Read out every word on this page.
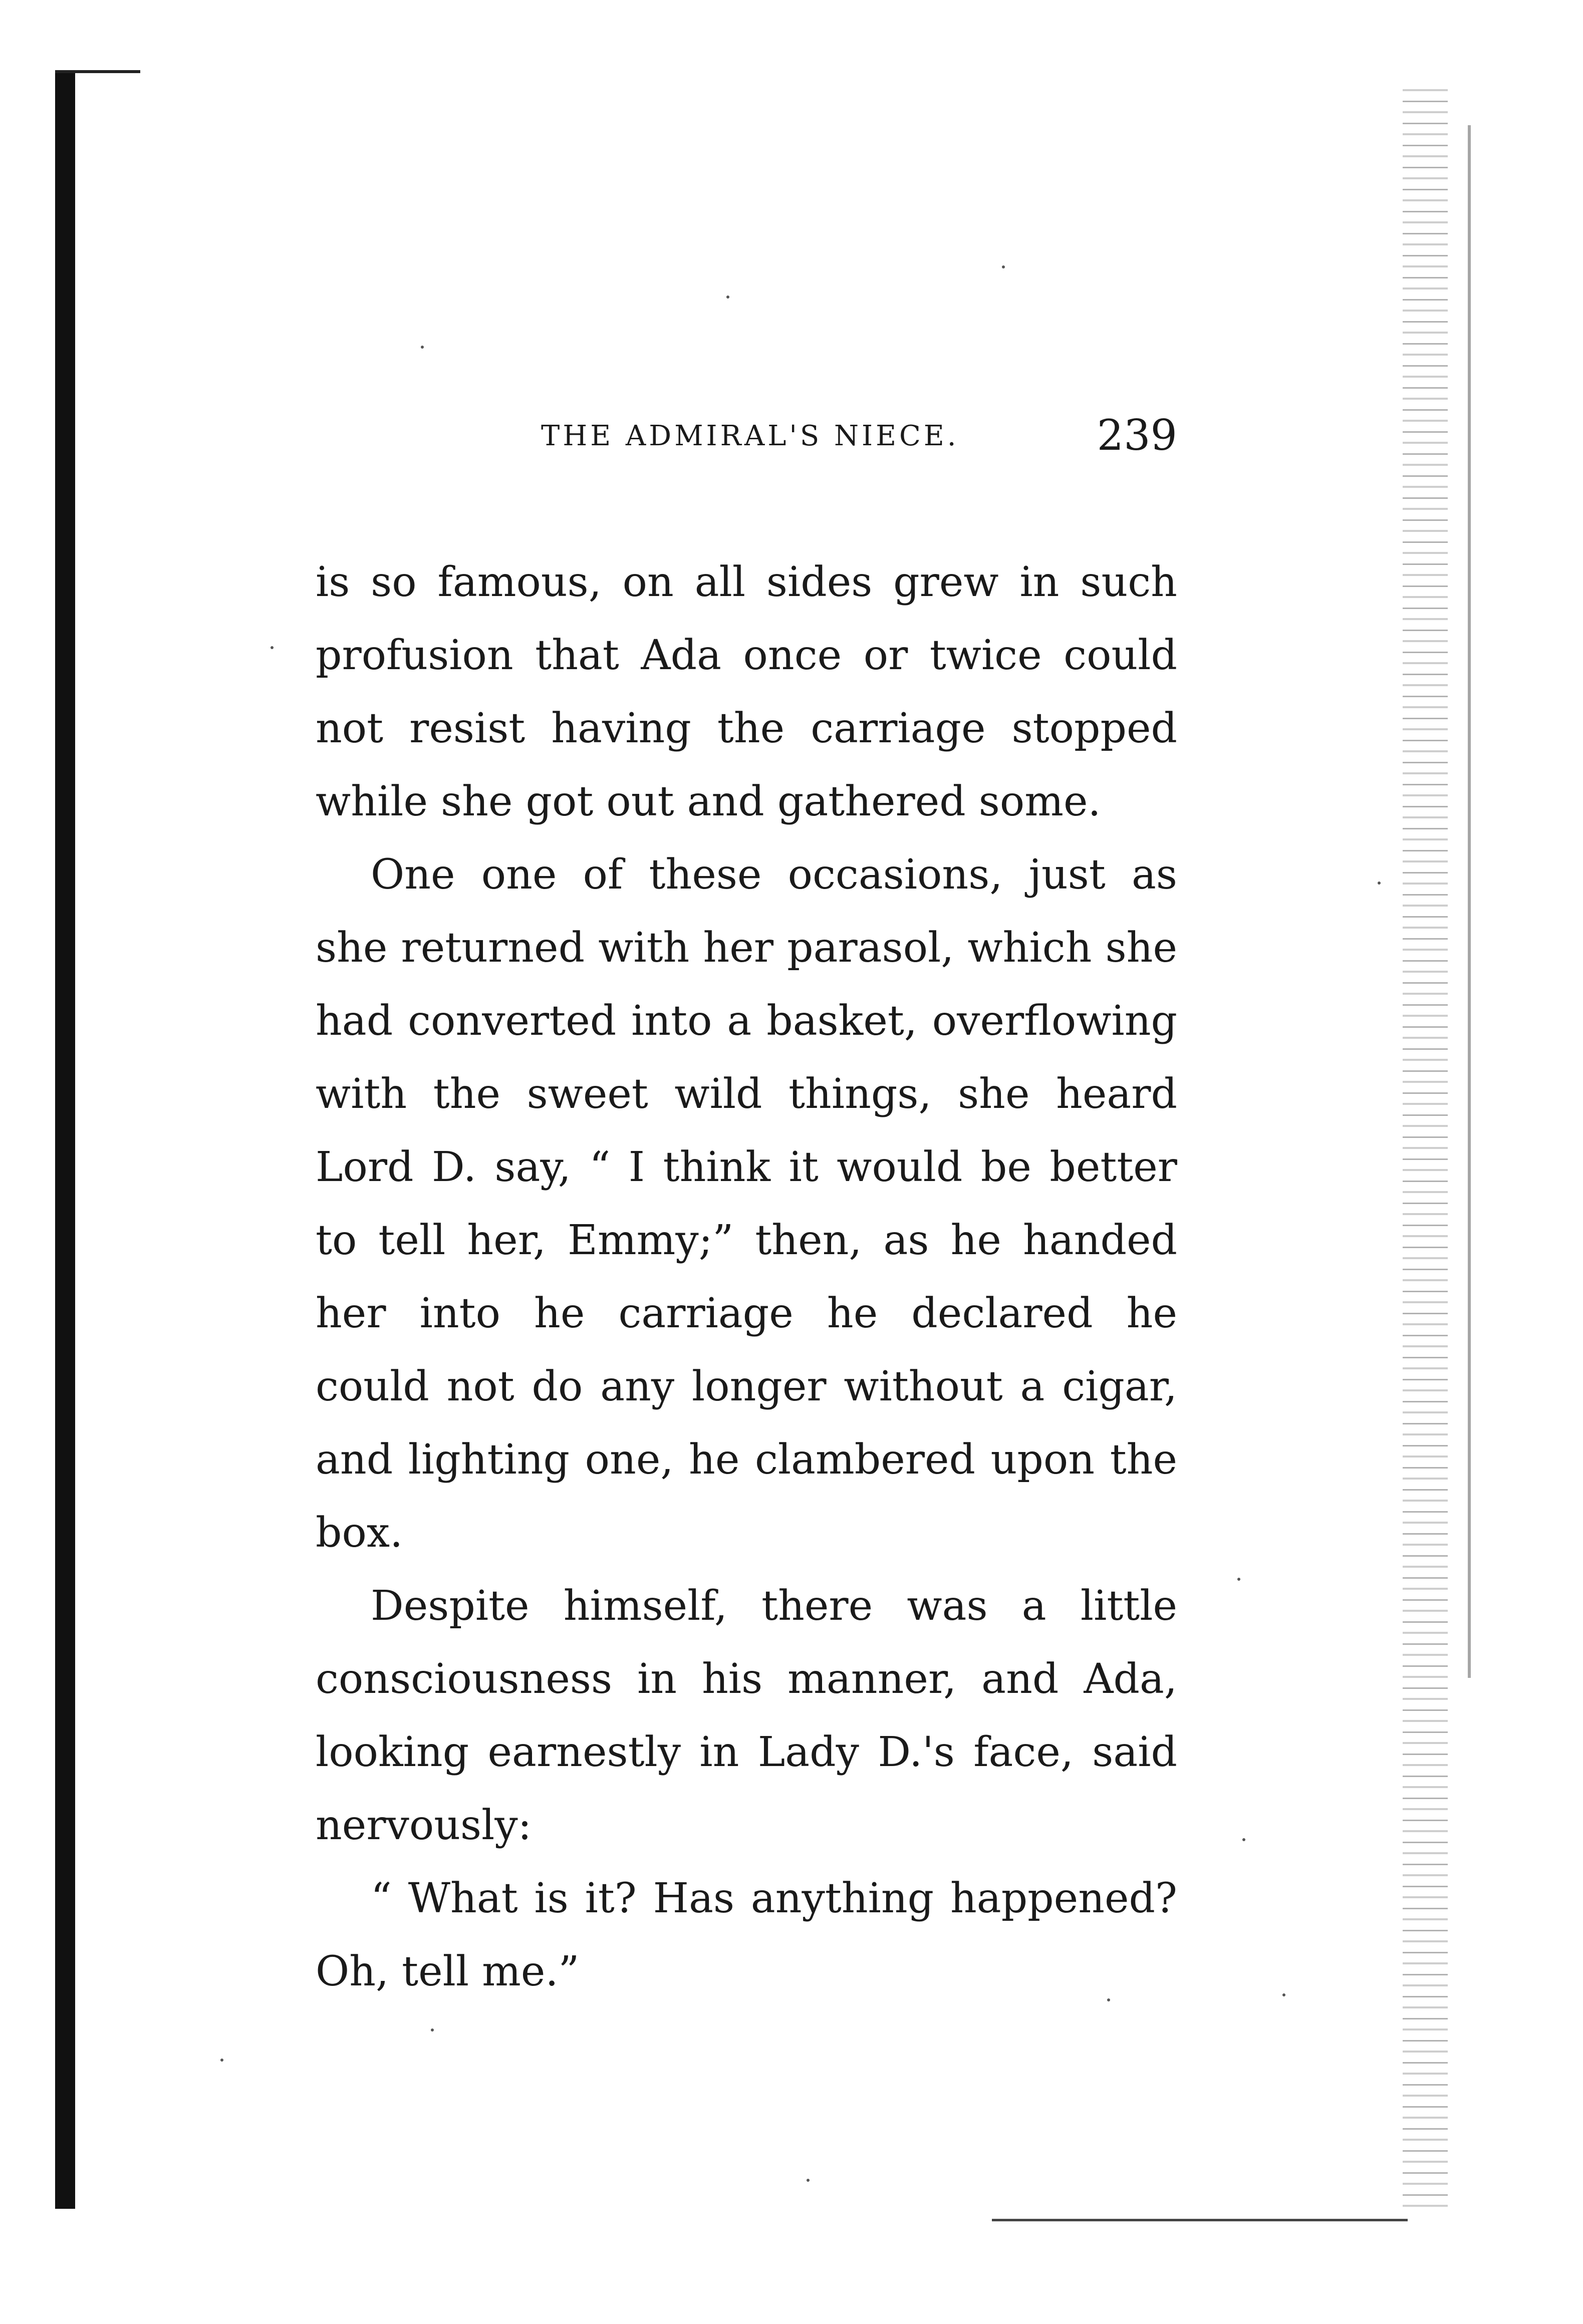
THE ADMIRAL'S NIECE.	239

is so famous, on all sides grew in such profusion that Ada once or twice could not resist having the carriage stopped while she got out and gathered some.

One one of these occasions, just as she returned with her parasol, which she had converted into a basket, overflowing with the sweet wild things, she heard Lord D. say, “ I think it would be better to tell her, Emmy;” then, as he handed her into he carriage he declared he could not do any longer without a cigar, and lighting one, he clambered upon the box.

Despite himself, there was a little consciousness in his manner, and Ada, looking earnestly in Lady D.'s face, said nervously:

“ What is it? Has anything happened? Oh, tell me.”
